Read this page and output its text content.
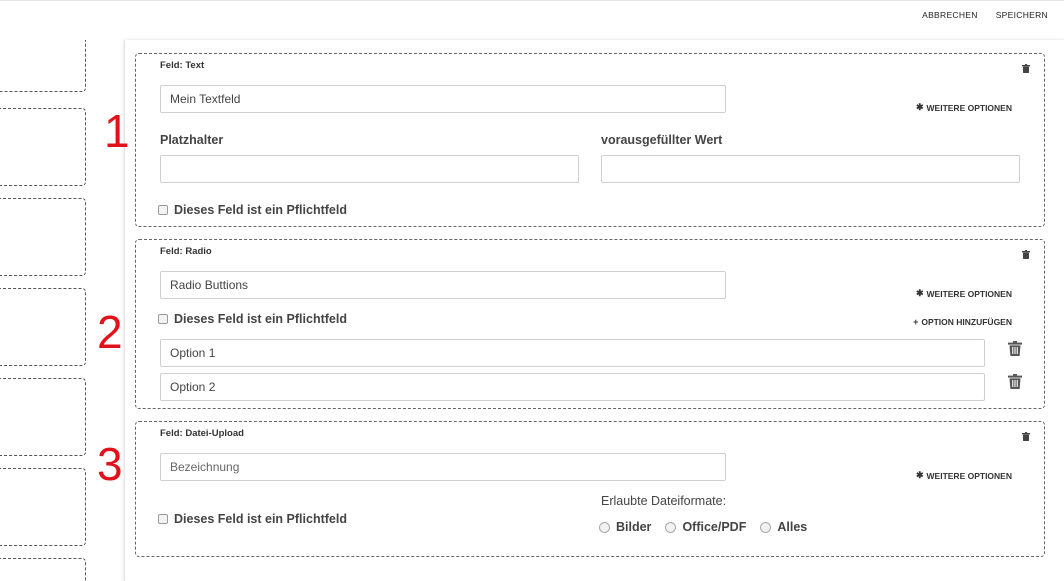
ABBRECHEN SPEICHERN
1
2
3
Feld: Text
Mein Textfeld
✱ WEITERE OPTIONEN
Platzhalter	vorausgefüllter Wert
Dieses Feld ist ein Pflichtfeld
Feld: Radio
Radio Buttions
✱ WEITERE OPTIONEN
Dieses Feld ist ein Pflichtfeld	+ OPTION HINZUFÜGEN
Option 1
Option 2
Feld: Datei-Upload
Bezeichnung
✱ WEITERE OPTIONEN
Erlaubte Dateiformate:
Dieses Feld ist ein Pflichtfeld
Bilder Office/PDF Alles
